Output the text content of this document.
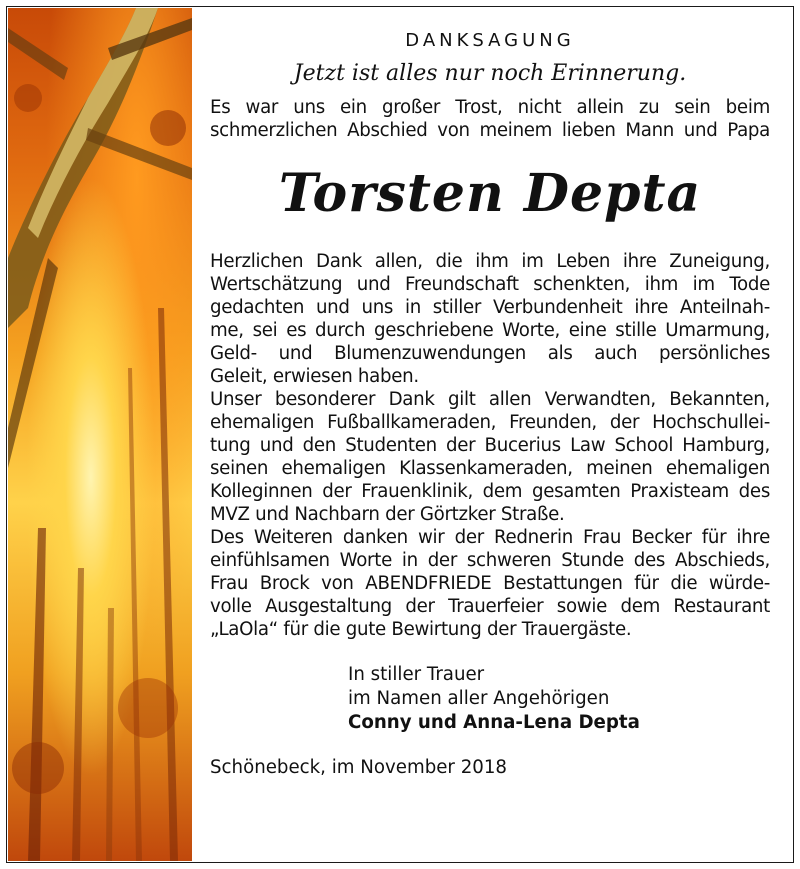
DANKSAGUNG
Jetzt ist alles nur noch Erinnerung.
Es war uns ein großer Trost, nicht allein zu sein beim
schmerzlichen Abschied von meinem lieben Mann und Papa
Torsten Depta
Herzlichen Dank allen, die ihm im Leben ihre Zuneigung,
Wertschätzung und Freundschaft schenkten, ihm im Tode
gedachten und uns in stiller Verbundenheit ihre Anteilnah-
me, sei es durch geschriebene Worte, eine stille Umarmung,
Geld- und Blumenzuwendungen als auch persönliches
Geleit, erwiesen haben.
Unser besonderer Dank gilt allen Verwandten, Bekannten,
ehemaligen Fußballkameraden, Freunden, der Hochschullei-
tung und den Studenten der Bucerius Law School Hamburg,
seinen ehemaligen Klassenkameraden, meinen ehemaligen
Kolleginnen der Frauenklinik, dem gesamten Praxisteam des
MVZ und Nachbarn der Görtzker Straße.
Des Weiteren danken wir der Rednerin Frau Becker für ihre
einfühlsamen Worte in der schweren Stunde des Abschieds,
Frau Brock von ABENDFRIEDE Bestattungen für die würde-
volle Ausgestaltung der Trauerfeier sowie dem Restaurant
„LaOla“ für die gute Bewirtung der Trauergäste.
In stiller Trauer
im Namen aller Angehörigen
Conny und Anna-Lena Depta
Schönebeck, im November 2018
